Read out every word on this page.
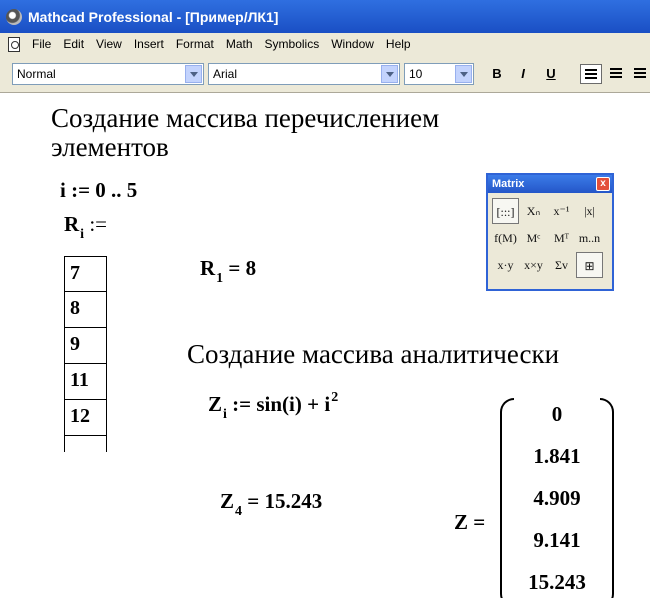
Mathcad Professional - [Пример/ЛК1]
File	Edit	View	Insert	Format	Math	Symbolics	Window	Help
Normal	Arial	10	B	I	U
Создание массива перечислением
элементов
i := 0 .. 5
$R_i$ :=
7
8
9
11
12
$R_1 = 8$
Создание массива аналитически
$Z_i$ := $\sin(i) + i^2$
$Z_4 = 15.243$
Z =
0
1.841
4.909
9.141
15.243
Matrix	x
[:::]	Xₙ	x⁻¹	|x|
f(M) Mᶜ	Mᵀ m..n
x·y x×y	Σv	⊞
